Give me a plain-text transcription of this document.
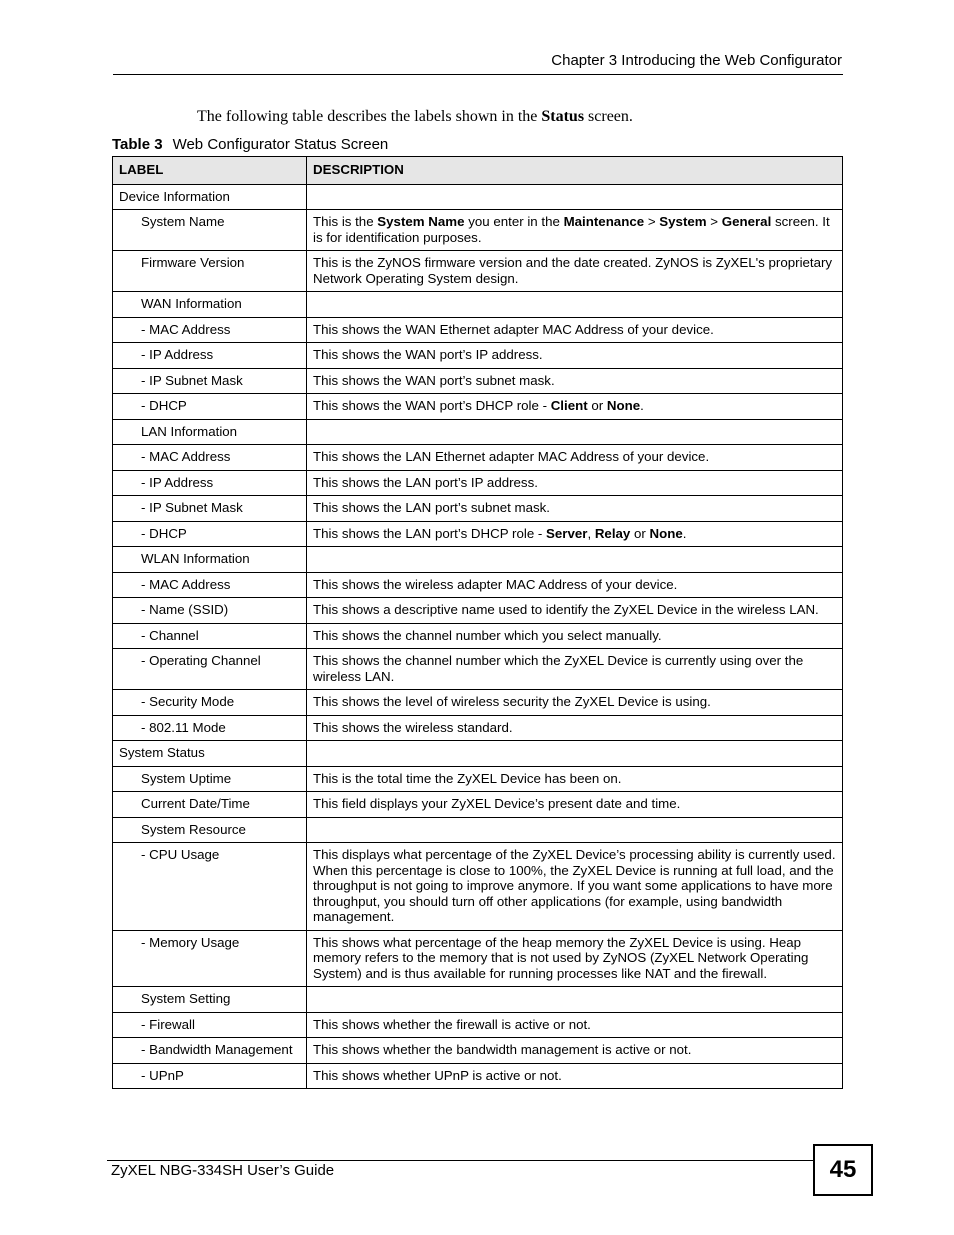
Chapter 3 Introducing the Web Configurator
The following table describes the labels shown in the Status screen.
Table 3 Web Configurator Status Screen
LABEL	DESCRIPTION
Device Information	
System Name	This is the System Name you enter in the Maintenance > System > General screen. It is for identification purposes.
Firmware Version	This is the ZyNOS firmware version and the date created. ZyNOS is ZyXEL's proprietary Network Operating System design.
WAN Information	
- MAC Address	This shows the WAN Ethernet adapter MAC Address of your device.
- IP Address	This shows the WAN port’s IP address.
- IP Subnet Mask	This shows the WAN port’s subnet mask.
- DHCP	This shows the WAN port’s DHCP role - Client or None.
LAN Information	
- MAC Address	This shows the LAN Ethernet adapter MAC Address of your device.
- IP Address	This shows the LAN port’s IP address.
- IP Subnet Mask	This shows the LAN port’s subnet mask.
- DHCP	This shows the LAN port’s DHCP role - Server, Relay or None.
WLAN Information	
- MAC Address	This shows the wireless adapter MAC Address of your device.
- Name (SSID)	This shows a descriptive name used to identify the ZyXEL Device in the wireless LAN.
- Channel	This shows the channel number which you select manually.
- Operating Channel	This shows the channel number which the ZyXEL Device is currently using over the wireless LAN.
- Security Mode	This shows the level of wireless security the ZyXEL Device is using.
- 802.11 Mode	This shows the wireless standard.
System Status	
System Uptime	This is the total time the ZyXEL Device has been on.
Current Date/Time	This field displays your ZyXEL Device’s present date and time.
System Resource	
- CPU Usage	This displays what percentage of the ZyXEL Device’s processing ability is currently used. When this percentage is close to 100%, the ZyXEL Device is running at full load, and the throughput is not going to improve anymore. If you want some applications to have more throughput, you should turn off other applications (for example, using bandwidth management.
- Memory Usage	This shows what percentage of the heap memory the ZyXEL Device is using. Heap memory refers to the memory that is not used by ZyNOS (ZyXEL Network Operating System) and is thus available for running processes like NAT and the firewall.
System Setting	
- Firewall	This shows whether the firewall is active or not.
- Bandwidth Management	This shows whether the bandwidth management is active or not.
- UPnP	This shows whether UPnP is active or not.
ZyXEL NBG-334SH User’s Guide	45
